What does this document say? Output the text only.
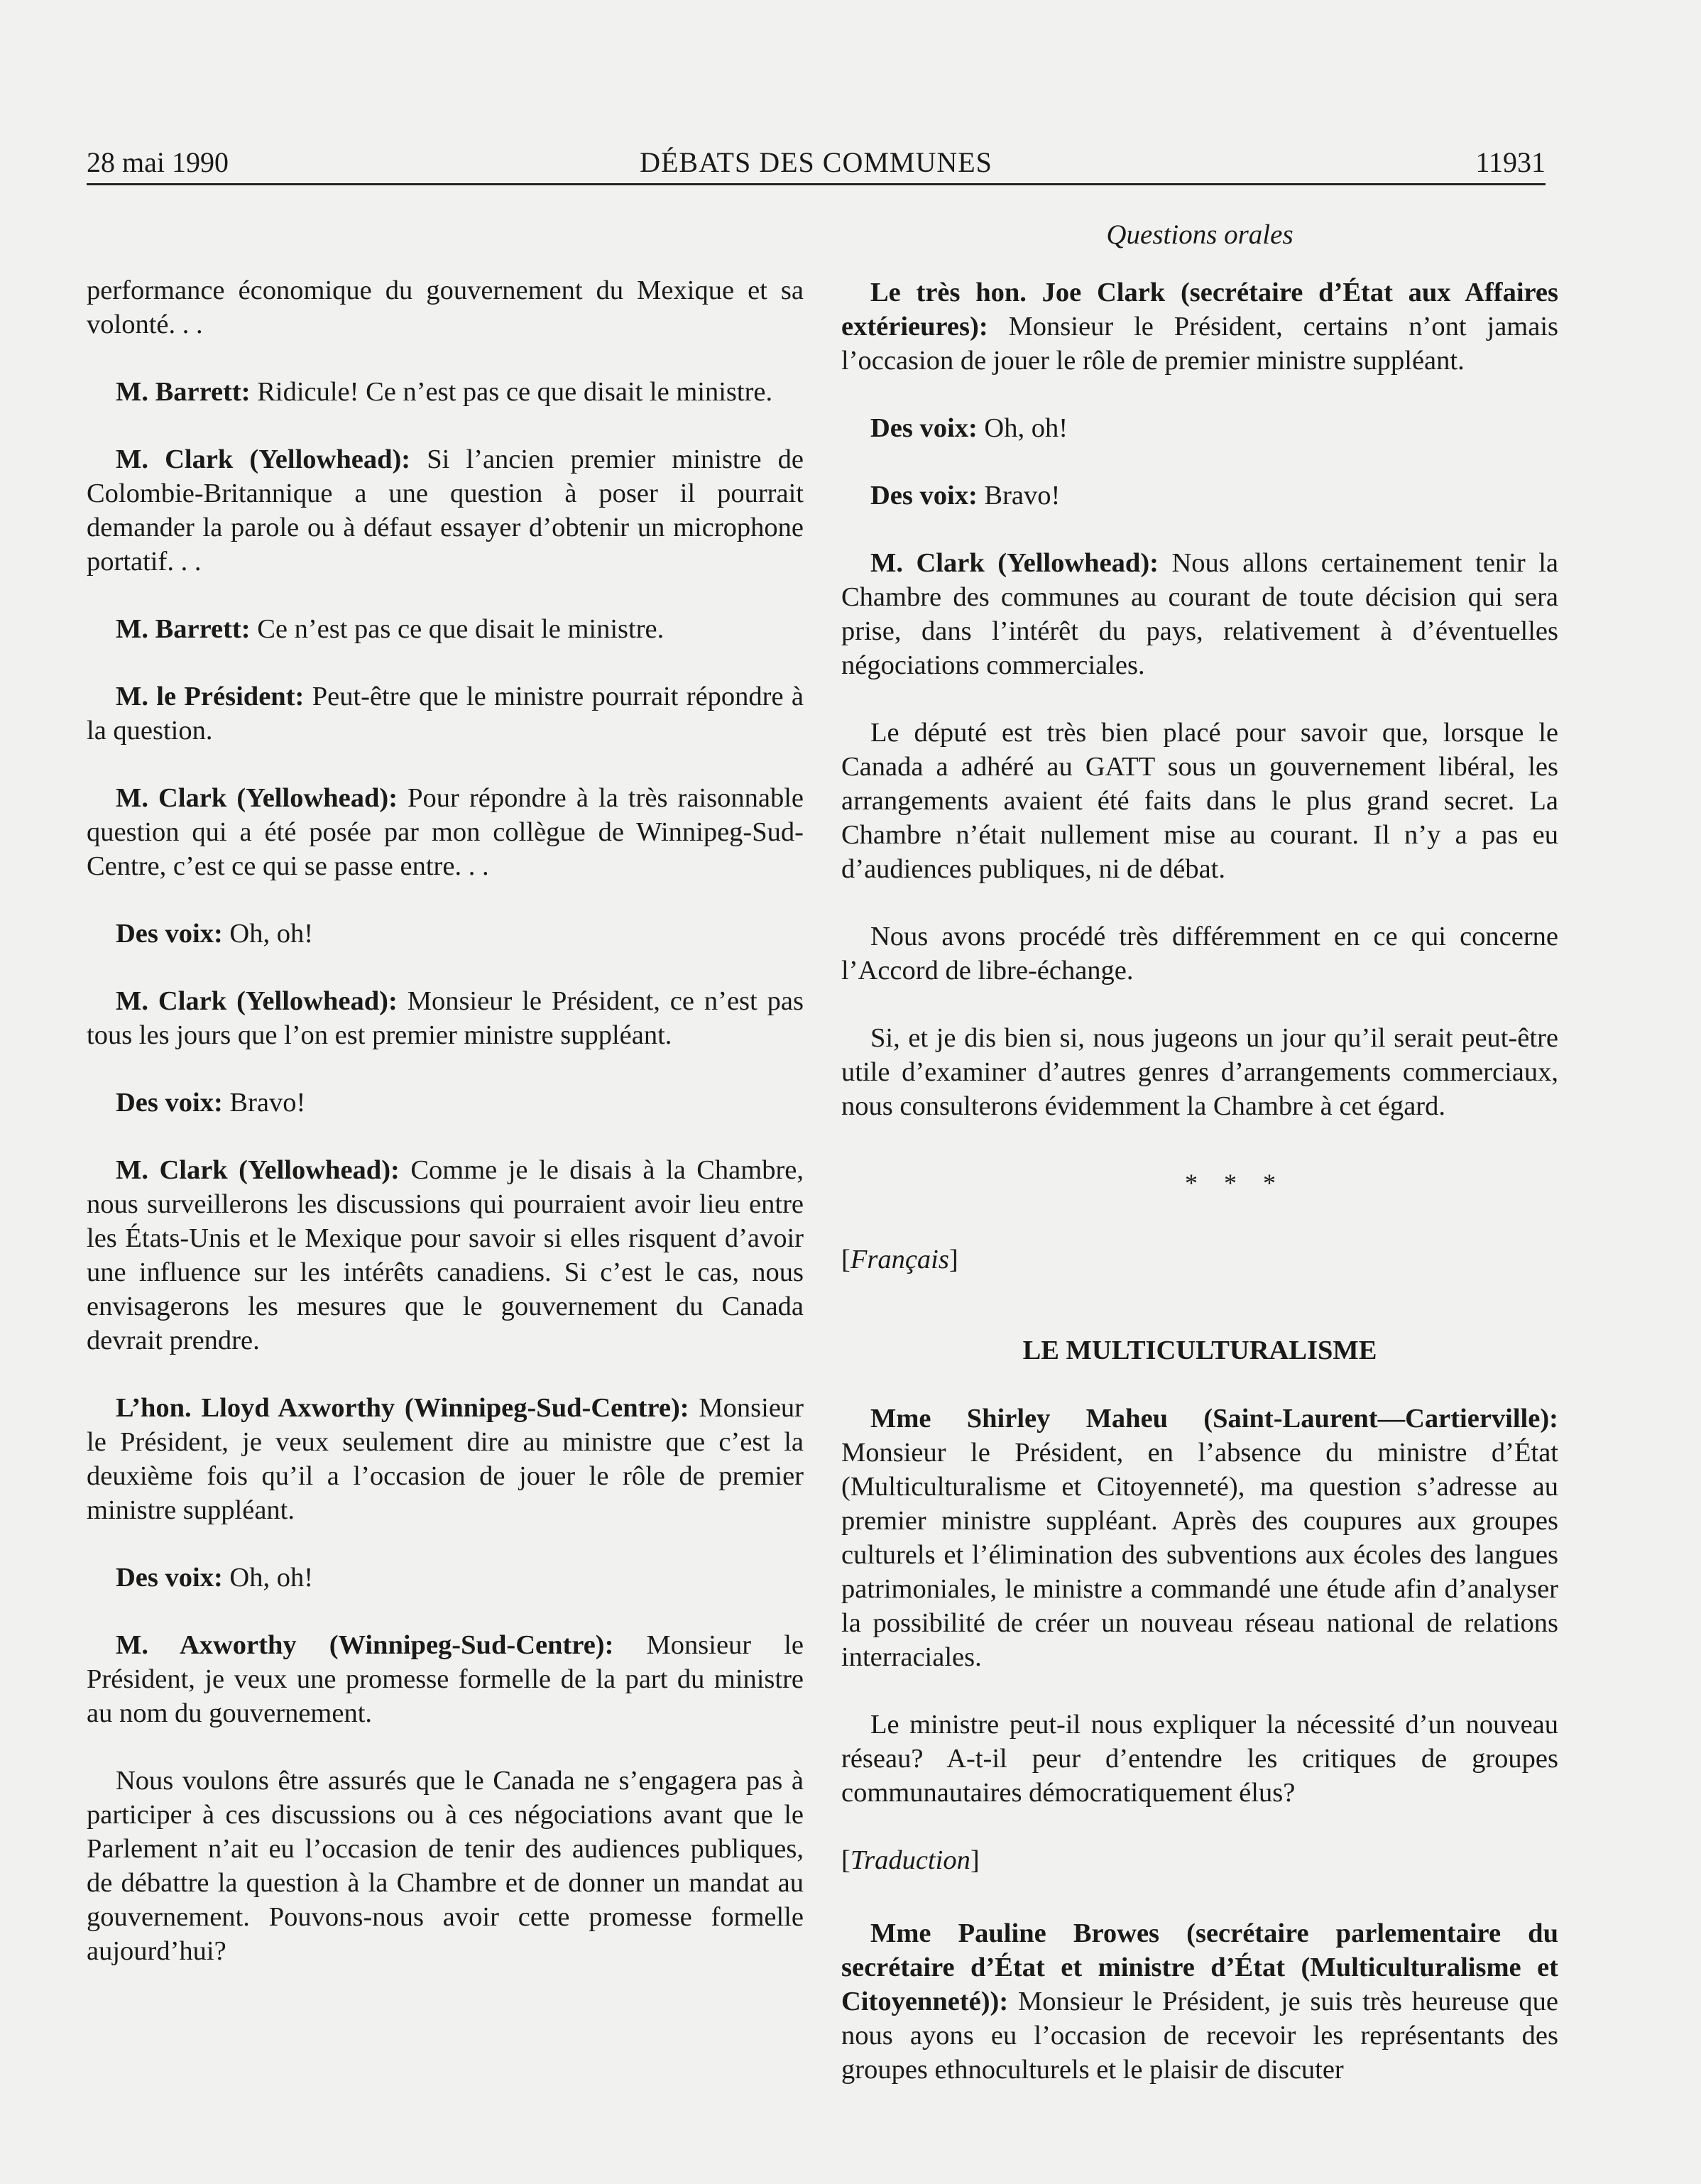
28 mai 1990	DÉBATS DES COMMUNES	11931
Questions orales

performance économique du gouvernement du Mexique et sa volonté. . .

M. Barrett: Ridicule! Ce n’est pas ce que disait le ministre.

M. Clark (Yellowhead): Si l’ancien premier ministre de Colombie-Britannique a une question à poser il pourrait demander la parole ou à défaut essayer d’obtenir un microphone portatif. . .

M. Barrett: Ce n’est pas ce que disait le ministre.

M. le Président: Peut-être que le ministre pourrait répondre à la question.

M. Clark (Yellowhead): Pour répondre à la très raisonnable question qui a été posée par mon collègue de Winnipeg-Sud-Centre, c’est ce qui se passe entre. . .

Des voix: Oh, oh!

M. Clark (Yellowhead): Monsieur le Président, ce n’est pas tous les jours que l’on est premier ministre suppléant.

Des voix: Bravo!

M. Clark (Yellowhead): Comme je le disais à la Chambre, nous surveillerons les discussions qui pourraient avoir lieu entre les États-Unis et le Mexique pour savoir si elles risquent d’avoir une influence sur les intérêts canadiens. Si c’est le cas, nous envisagerons les mesures que le gouvernement du Canada devrait prendre.

L’hon. Lloyd Axworthy (Winnipeg-Sud-Centre): Monsieur le Président, je veux seulement dire au ministre que c’est la deuxième fois qu’il a l’occasion de jouer le rôle de premier ministre suppléant.

Des voix: Oh, oh!

M. Axworthy (Winnipeg-Sud-Centre): Monsieur le Président, je veux une promesse formelle de la part du ministre au nom du gouvernement.

Nous voulons être assurés que le Canada ne s’engagera pas à participer à ces discussions ou à ces négociations avant que le Parlement n’ait eu l’occasion de tenir des audiences publiques, de débattre la question à la Chambre et de donner un mandat au gouvernement. Pouvons-nous avoir cette promesse formelle aujourd’hui?

Le très hon. Joe Clark (secrétaire d’État aux Affaires extérieures): Monsieur le Président, certains n’ont jamais l’occasion de jouer le rôle de premier ministre suppléant.

Des voix: Oh, oh!

Des voix: Bravo!

M. Clark (Yellowhead): Nous allons certainement tenir la Chambre des communes au courant de toute décision qui sera prise, dans l’intérêt du pays, relativement à d’éventuelles négociations commerciales.

Le député est très bien placé pour savoir que, lorsque le Canada a adhéré au GATT sous un gouvernement libéral, les arrangements avaient été faits dans le plus grand secret. La Chambre n’était nullement mise au courant. Il n’y a pas eu d’audiences publiques, ni de débat.

Nous avons procédé très différemment en ce qui concerne l’Accord de libre-échange.

Si, et je dis bien si, nous jugeons un jour qu’il serait peut-être utile d’examiner d’autres genres d’arrangements commerciaux, nous consulterons évidemment la Chambre à cet égard.

* * *

[Français]

LE MULTICULTURALISME

Mme Shirley Maheu (Saint-Laurent—Cartierville): Monsieur le Président, en l’absence du ministre d’État (Multiculturalisme et Citoyenneté), ma question s’adresse au premier ministre suppléant. Après des coupures aux groupes culturels et l’élimination des subventions aux écoles des langues patrimoniales, le ministre a commandé une étude afin d’analyser la possibilité de créer un nouveau réseau national de relations interraciales.

Le ministre peut-il nous expliquer la nécessité d’un nouveau réseau? A-t-il peur d’entendre les critiques de groupes communautaires démocratiquement élus?

[Traduction]

Mme Pauline Browes (secrétaire parlementaire du secrétaire d’État et ministre d’État (Multiculturalisme et Citoyenneté)): Monsieur le Président, je suis très heureuse que nous ayons eu l’occasion de recevoir les représentants des groupes ethnoculturels et le plaisir de discuter
